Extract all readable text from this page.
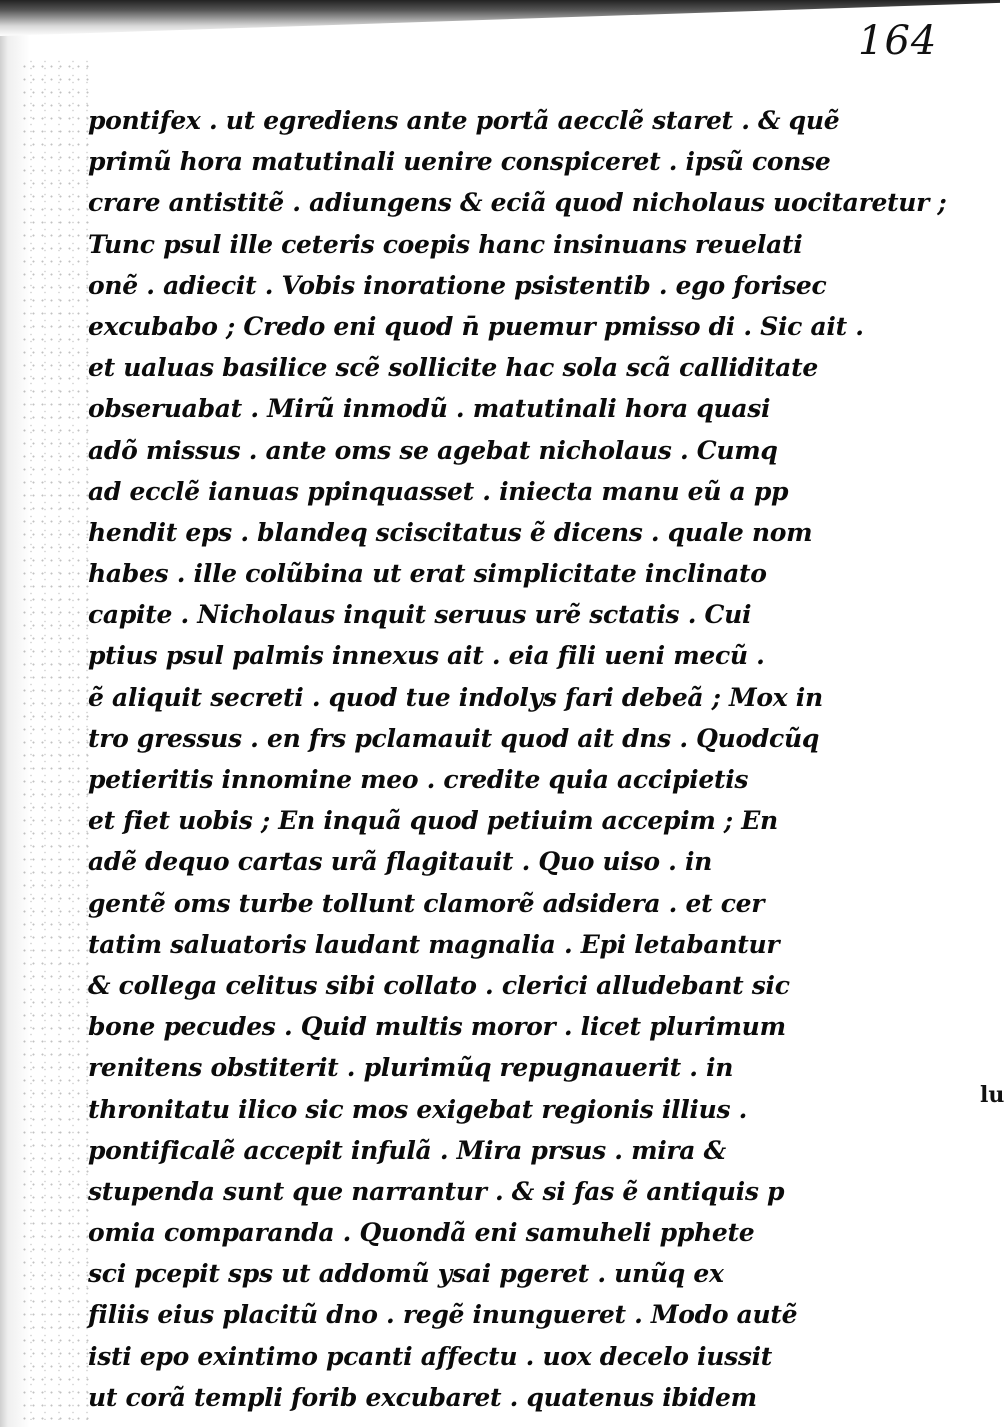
164
pontifex . ut egrediens ante portã aecclẽ staret . & quẽ
primũ hora matutinali uenire conspiceret . ipsũ conse
crare antistitẽ . adiungens & eciã quod nicholaus uocitaretur ;
Tunc psul ille ceteris coepis hanc insinuans reuelati
onẽ . adiecit . Vobis inoratione psistentib . ego forisec
excubabo ; Credo eni quod n̄ puemur pmisso di . Sic ait .
et ualuas basilice scẽ sollicite hac sola scã calliditate
obseruabat . Mirũ inmodũ . matutinali hora quasi
adõ missus . ante oms se agebat nicholaus . Cumq
ad ecclẽ ianuas ppinquasset . iniecta manu eũ a pp
hendit eps . blandeq sciscitatus ẽ dicens . quale nom
habes . ille colũbina ut erat simplicitate inclinato
capite . Nicholaus inquit seruus urẽ sctatis . Cui
ptius psul palmis innexus ait . eia fili ueni mecũ .
ẽ aliquit secreti . quod tue indolys fari debeã ; Mox in
tro gressus . en frs pclamauit quod ait dns . Quodcũq
petieritis innomine meo . credite quia accipietis
et fiet uobis ; En inquã quod petiuim accepim ; En
adẽ dequo cartas urã flagitauit . Quo uiso . in
gentẽ oms turbe tollunt clamorẽ adsidera . et cer
tatim saluatoris laudant magnalia . Epi letabantur
& collega celitus sibi collato . clerici alludebant sic
bone pecudes . Quid multis moror . licet plurimum
renitens obstiterit . plurimũq repugnauerit . in
thronitatu ilico sic mos exigebat regionis illius .
pontificalẽ accepit infulã . Mira prsus . mira &
stupenda sunt que narrantur . & si fas ẽ antiquis p
omia comparanda . Quondã eni samuheli pphete
sci pcepit sps ut addomũ ysai pgeret . unũq ex
filiis eius placitũ dno . regẽ inungueret . Modo autẽ
isti epo exintimo pcanti affectu . uox decelo iussit
ut corã templi forib excubaret . quatenus ibidem
lu
